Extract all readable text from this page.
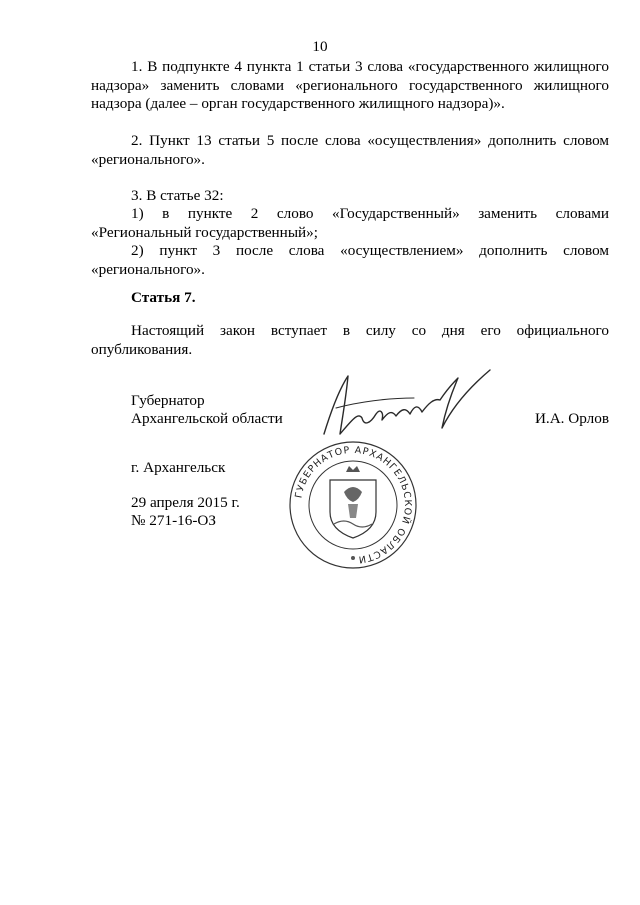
10
1. В подпункте 4 пункта 1 статьи 3 слова «государственного жилищного надзора» заменить словами «регионального государственного жилищного надзора (далее – орган государственного жилищного надзора)».
2. Пункт 13 статьи 5 после слова «осуществления» дополнить словом «регионального».
3. В статье 32:
1) в пункте 2 слово «Государственный» заменить словами «Региональный государственный»;
2) пункт 3 после слова «осуществлением» дополнить словом «регионального».
Статья 7.
Настоящий закон вступает в силу со дня его официального опубликования.
Губернатор
Архангельской области	И.А. Орлов
г. Архангельск
29 апреля 2015 г.
№ 271-16-ОЗ
ГУБЕРНАТОР АРХАНГЕЛЬСКОЙ ОБЛАСТИ
